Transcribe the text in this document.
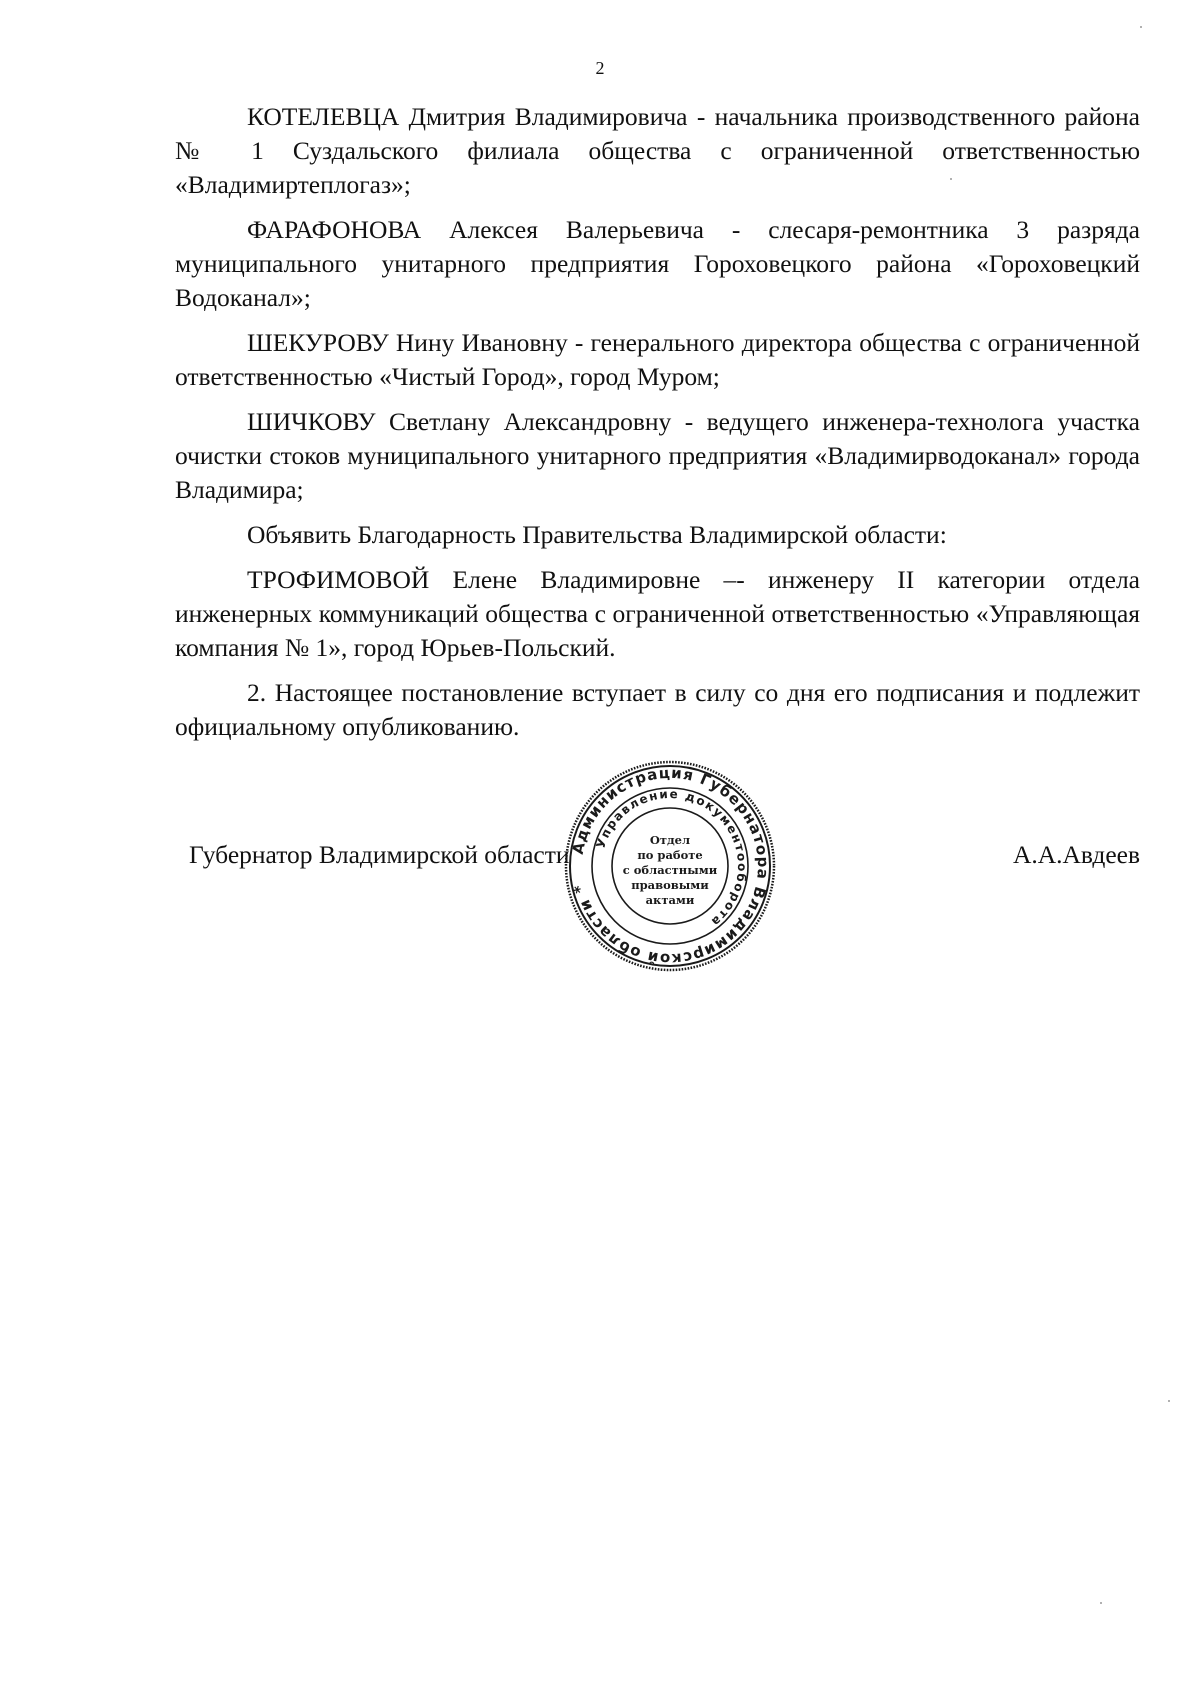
2

КОТЕЛЕВЦА Дмитрия Владимировича - начальника производственного района № 1 Суздальского филиала общества с ограниченной ответственностью «Владимиртеплогаз»;

ФАРАФОНОВА Алексея Валерьевича - слесаря-ремонтника 3 разряда муниципального унитарного предприятия Гороховецкого района «Гороховецкий Водоканал»;

ШЕКУРОВУ Нину Ивановну - генерального директора общества с ограниченной ответственностью «Чистый Город», город Муром;

ШИЧКОВУ Светлану Александровну - ведущего инженера-технолога участка очистки стоков муниципального унитарного предприятия «Владимирводоканал» города Владимира;

Объявить Благодарность Правительства Владимирской области:

ТРОФИМОВОЙ Елене Владимировне –- инженеру II категории отдела инженерных коммуникаций общества с ограниченной ответственностью «Управляющая компания № 1», город Юрьев-Польский.

2. Настоящее постановление вступает в силу со дня его подписания и подлежит официальному опубликованию.

Губернатор Владимирской области	А.А.Авдеев
Администрация Губернатора Владимирской области *
Управление документооборота
Отдел
по работе
с областными
правовыми
актами
